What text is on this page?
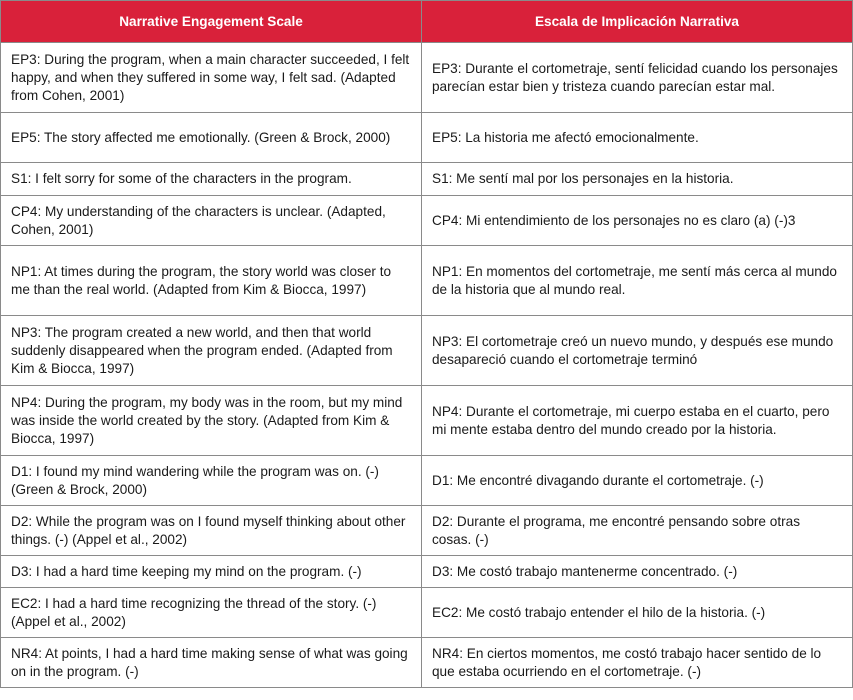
Narrative Engagement Scale	Escala de Implicación Narrativa
EP3: During the program, when a main character succeeded, I felt happy, and when they suffered in some way, I felt sad. (Adapted from Cohen, 2001)	EP3: Durante el cortometraje, sentí felicidad cuando los personajes parecían estar bien y tristeza cuando parecían estar mal.
EP5: The story affected me emotionally. (Green & Brock, 2000)	EP5: La historia me afectó emocionalmente.
S1: I felt sorry for some of the characters in the program.	S1: Me sentí mal por los personajes en la historia.
CP4: My understanding of the characters is unclear. (Adapted, Cohen, 2001)	CP4: Mi entendimiento de los personajes no es claro (a) (-)3
NP1: At times during the program, the story world was closer to me than the real world. (Adapted from Kim & Biocca, 1997)	NP1: En momentos del cortometraje, me sentí más cerca al mundo de la historia que al mundo real.
NP3: The program created a new world, and then that world suddenly disappeared when the program ended. (Adapted from Kim & Biocca, 1997)	NP3: El cortometraje creó un nuevo mundo, y después ese mundo desapareció cuando el cortometraje terminó
NP4: During the program, my body was in the room, but my mind was inside the world created by the story. (Adapted from Kim & Biocca, 1997)	NP4: Durante el cortometraje, mi cuerpo estaba en el cuarto, pero mi mente estaba dentro del mundo creado por la historia.
D1: I found my mind wandering while the program was on. (-) (Green & Brock, 2000)	D1: Me encontré divagando durante el cortometraje. (-)
D2: While the program was on I found myself thinking about other things. (-) (Appel et al., 2002)	D2: Durante el programa, me encontré pensando sobre otras cosas. (-)
D3: I had a hard time keeping my mind on the program. (-)	D3: Me costó trabajo mantenerme concentrado. (-)
EC2: I had a hard time recognizing the thread of the story. (-) (Appel et al., 2002)	EC2: Me costó trabajo entender el hilo de la historia. (-)
NR4: At points, I had a hard time making sense of what was going on in the program. (-)	NR4: En ciertos momentos, me costó trabajo hacer sentido de lo que estaba ocurriendo en el cortometraje. (-)
